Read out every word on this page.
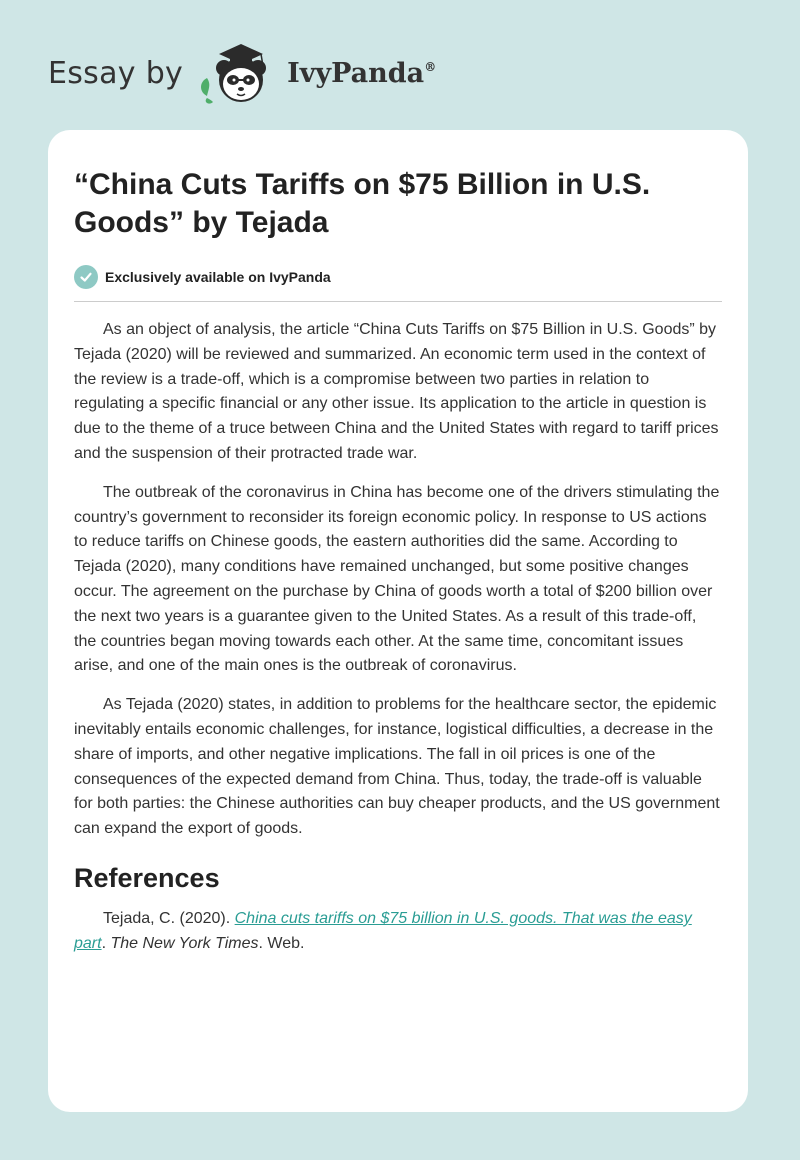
Essay by	IvyPanda®
“China Cuts Tariffs on $75 Billion in U.S. Goods” by Tejada
Exclusively available on IvyPanda

As an object of analysis, the article “China Cuts Tariffs on $75 Billion in U.S. Goods” by Tejada (2020) will be reviewed and summarized. An economic term used in the context of the review is a trade-off, which is a compromise between two parties in relation to regulating a specific financial or any other issue. Its application to the article in question is due to the theme of a truce between China and the United States with regard to tariff prices and the suspension of their protracted trade war.

The outbreak of the coronavirus in China has become one of the drivers stimulating the country’s government to reconsider its foreign economic policy. In response to US actions to reduce tariffs on Chinese goods, the eastern authorities did the same. According to Tejada (2020), many conditions have remained unchanged, but some positive changes occur. The agreement on the purchase by China of goods worth a total of $200 billion over the next two years is a guarantee given to the United States. As a result of this trade-off, the countries began moving towards each other. At the same time, concomitant issues arise, and one of the main ones is the outbreak of coronavirus.

As Tejada (2020) states, in addition to problems for the healthcare sector, the epidemic inevitably entails economic challenges, for instance, logistical difficulties, a decrease in the share of imports, and other negative implications. The fall in oil prices is one of the consequences of the expected demand from China. Thus, today, the trade-off is valuable for both parties: the Chinese authorities can buy cheaper products, and the US government can expand the export of goods.

References

Tejada, C. (2020). China cuts tariffs on $75 billion in U.S. goods. That was the easy part. The New York Times. Web.
